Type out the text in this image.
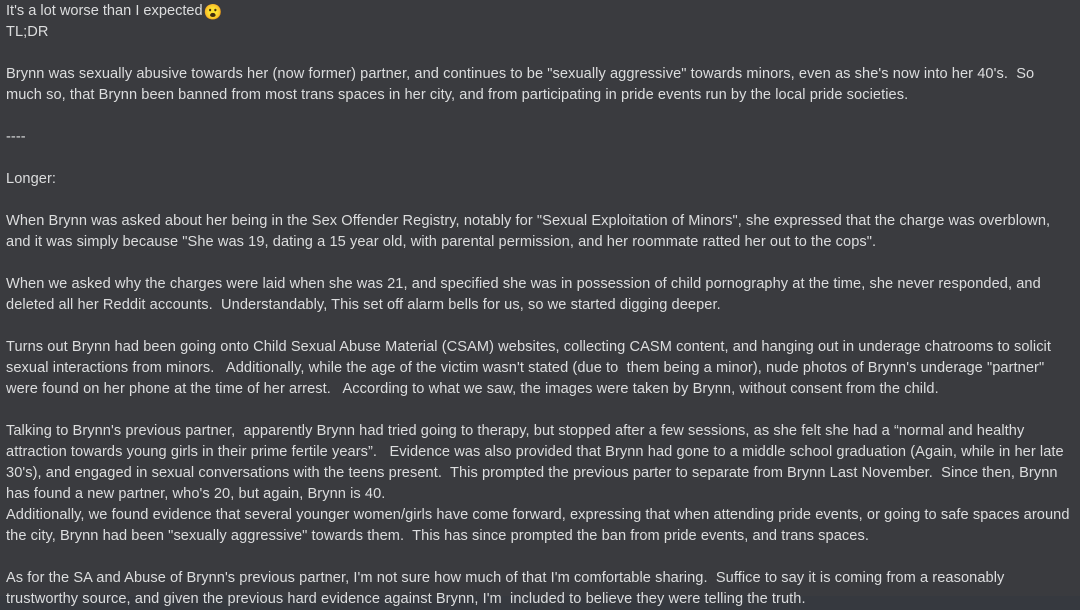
It's a lot worse than I expected 😮

TL;DR

Brynn was sexually abusive towards her (now former) partner, and continues to be "sexually aggressive" towards minors, even as she's now into her 40's.  So much so, that Brynn been banned from most trans spaces in her city, and from participating in pride events run by the local pride societies.

----

Longer:

When Brynn was asked about her being in the Sex Offender Registry, notably for "Sexual Exploitation of Minors", she expressed that the charge was overblown, and it was simply because "She was 19, dating a 15 year old, with parental permission, and her roommate ratted her out to the cops".

When we asked why the charges were laid when she was 21, and specified she was in possession of child pornography at the time, she never responded, and deleted all her Reddit accounts.  Understandably, This set off alarm bells for us, so we started digging deeper.

Turns out Brynn had been going onto Child Sexual Abuse Material (CSAM) websites, collecting CASM content, and hanging out in underage chatrooms to solicit sexual interactions from minors.   Additionally, while the age of the victim wasn't stated (due to  them being a minor), nude photos of Brynn's underage "partner" were found on her phone at the time of her arrest.   According to what we saw, the images were taken by Brynn, without consent from the child.

Talking to Brynn's previous partner,  apparently Brynn had tried going to therapy, but stopped after a few sessions, as she felt she had a “normal and healthy attraction towards young girls in their prime fertile years”.   Evidence was also provided that Brynn had gone to a middle school graduation (Again, while in her late 30's), and engaged in sexual conversations with the teens present.  This prompted the previous parter to separate from Brynn Last November.  Since then, Brynn has found a new partner, who's 20, but again, Brynn is 40.

Additionally, we found evidence that several younger women/girls have come forward, expressing that when attending pride events, or going to safe spaces around the city, Brynn had been "sexually aggressive" towards them.  This has since prompted the ban from pride events, and trans spaces.

As for the SA and Abuse of Brynn's previous partner, I'm not sure how much of that I'm comfortable sharing.  Suffice to say it is coming from a reasonably trustworthy source, and given the previous hard evidence against Brynn, I'm  included to believe they were telling the truth.
